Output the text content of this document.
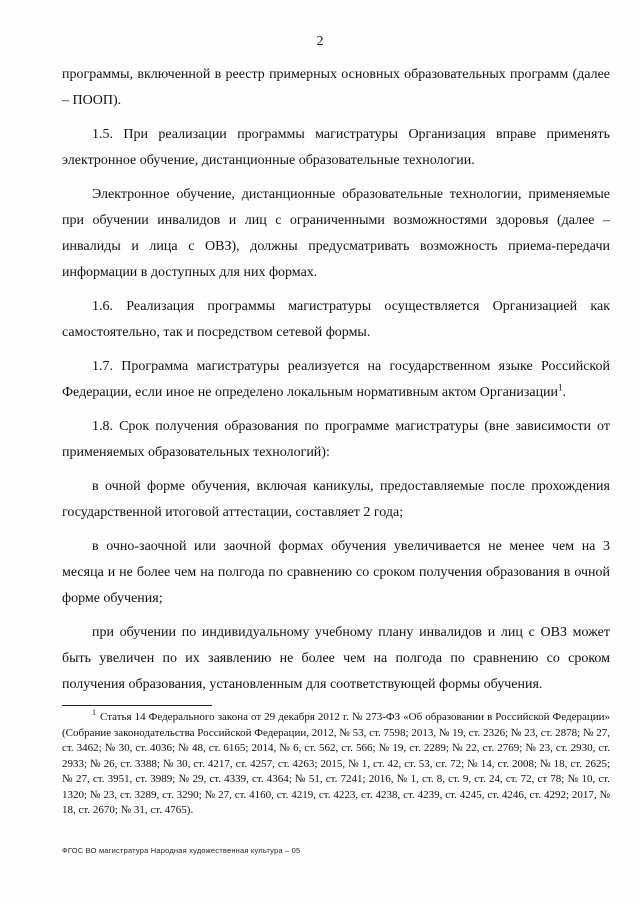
2

программы, включенной в реестр примерных основных образовательных программ (далее – ПООП).

1.5. При реализации программы магистратуры Организация вправе применять электронное обучение, дистанционные образовательные технологии.

Электронное обучение, дистанционные образовательные технологии, применяемые при обучении инвалидов и лиц с ограниченными возможностями здоровья (далее – инвалиды и лица с ОВЗ), должны предусматривать возможность приема-передачи информации в доступных для них формах.

1.6. Реализация программы магистратуры осуществляется Организацией как самостоятельно, так и посредством сетевой формы.

1.7. Программа магистратуры реализуется на государственном языке Российской Федерации, если иное не определено локальным нормативным актом Организации$^1$.

1.8. Срок получения образования по программе магистратуры (вне зависимости от применяемых образовательных технологий):

в очной форме обучения, включая каникулы, предоставляемые после прохождения государственной итоговой аттестации, составляет 2 года;

в очно-заочной или заочной формах обучения увеличивается не менее чем на 3 месяца и не более чем на полгода по сравнению со сроком получения образования в очной форме обучения;

при обучении по индивидуальному учебному плану инвалидов и лиц с ОВЗ может быть увеличен по их заявлению не более чем на полгода по сравнению со сроком получения образования, установленным для соответствующей формы обучения.

$^1$ Статья 14 Федерального закона от 29 декабря 2012 г. № 273-ФЗ «Об образовании в Российской Федерации» (Собрание законодательства Российской Федерации, 2012, № 53, ст. 7598; 2013, № 19, ст. 2326; № 23, ст. 2878; № 27, ст. 3462; № 30, ст. 4036; № 48, ст. 6165; 2014, № 6, ст. 562, ст. 566; № 19, ст. 2289; № 22, ст. 2769; № 23, ст. 2930, ст. 2933; № 26, ст. 3388; № 30, ст. 4217, ст. 4257, ст. 4263; 2015, № 1, ст. 42, ст. 53, ст. 72; № 14, ст. 2008; № 18, ст. 2625; № 27, ст. 3951, ст. 3989; № 29, ст. 4339, ст. 4364; № 51, ст. 7241; 2016, № 1, ст. 8, ст. 9, ст. 24, ст. 72, ст 78; № 10, ст. 1320; № 23, ст. 3289, ст. 3290; № 27, ст. 4160, ст. 4219, ст. 4223, ст. 4238, ст. 4239, ст. 4245, ст. 4246, ст. 4292; 2017, № 18, ст. 2670; № 31, ст. 4765).
ФГОС ВО магистратура Народная художественная культура – 05
